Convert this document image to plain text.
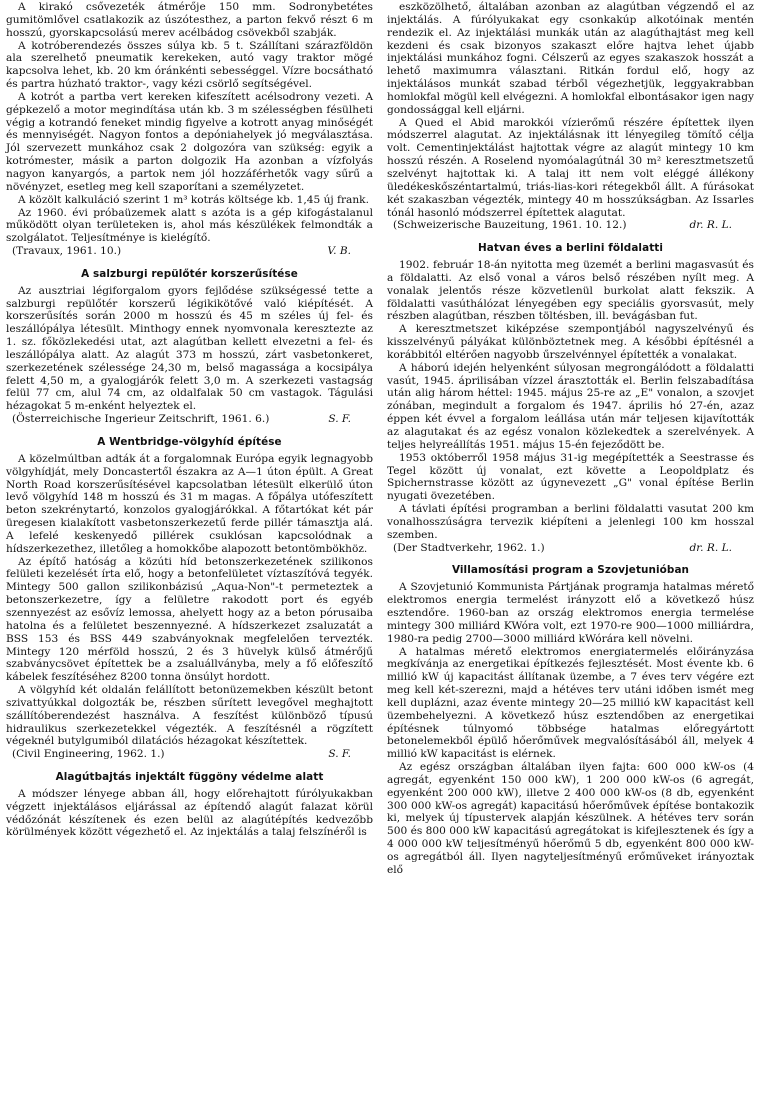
A kirakó csővezeték átmérője 150 mm. Sodronybetétes gumitömlővel csatlakozik az úszótesthez, a parton fekvő részt 6 m hosszú, gyorskapcsolású merev acélbádog csövekből szabják.

A kotróberendezés összes súlya kb. 5 t. Szállítani szárazföldön ala szerelhető pneumatik kerekeken, autó vagy traktor mögé kapcsolva lehet, kb. 20 km óránkénti sebességgel. Vízre bocsátható és partra húzható traktor-, vagy kézi csörlő segítségével.

A kotrót a partba vert kereken kifeszített acélsodrony vezeti. A gépkezelő a motor megindítása után kb. 3 m szélességben fésülheti végig a kotrandó feneket mindig figyelve a kotrott anyag minőségét és mennyiségét. Nagyon fontos a depóniahelyek jó megválasztása. Jól szervezett munkához csak 2 dolgozóra van szükség: egyik a kotrómester, másik a parton dolgozik Ha azonban a vízfolyás nagyon kanyargós, a partok nem jól hozzáférhetők vagy sűrű a növényzet, esetleg meg kell szaporítani a személyzetet.

A közölt kalkuláció szerint 1 m³ kotrás költsége kb. 1,45 új frank.

Az 1960. évi próbaüzemek alatt s azóta is a gép kifogástalanul működött olyan területeken is, ahol más készülékek felmondták a szolgálatot. Teljesítménye is kielégítő.

(Travaux, 1961. 10.)	V. B.
A salzburgi repülőtér korszerűsítése

Az ausztriai légiforgalom gyors fejlődése szükségessé tette a salzburgi repülőtér korszerű légikikötővé való kiépítését. A korszerűsítés során 2000 m hosszú és 45 m széles új fel- és leszállópálya létesült. Minthogy ennek nyomvonala keresztezte az 1. sz. főközlekedési utat, azt alagútban kellett elvezetni a fel- és leszállópálya alatt. Az alagút 373 m hosszú, zárt vasbetonkeret, szerkezetének szélessége 24,30 m, belső magassága a kocsipálya felett 4,50 m, a gyalogjárók felett 3,0 m. A szerkezeti vastagság felül 77 cm, alul 74 cm, az oldalfalak 50 cm vastagok. Tágulási hézagokat 5 m-enként helyeztek el.

(Österreichische Ingerieur Zeitschrift, 1961. 6.)	S. F.
A Wentbridge-völgyhíd építése

A közelmúltban adták át a forgalomnak Európa egyik legnagyobb völgyhídját, mely Doncastertől északra az A—1 úton épült. A Great North Road korszerűsítésével kapcsolatban létesült elkerülő úton levő völgyhíd 148 m hosszú és 31 m magas. A főpálya utófeszített beton szekrénytartó, konzolos gyalogjárókkal. A főtartókat két pár üregesen kialakított vasbetonszerkezetű ferde pillér támasztja alá. A lefelé keskenyedő pillérek csuklósan kapcsolódnak a hídszerkezethez, illetőleg a homokkőbe alapozott betontömbökhöz.

Az építő hatóság a közúti híd betonszerkezetének szilikonos felületi kezelését írta elő, hogy a betonfelületet víztaszítóvá tegyék. Mintegy 500 gallon szilikonbázisú „Aqua-Non"-t permeteztek a betonszerkezetre, így a felületre rakodott port és egyéb szennyezést az esővíz lemossa, ahelyett hogy az a beton pórusaiba hatolna és a felületet beszennyezné. A hídszerkezet zsaluzatát a BSS 153 és BSS 449 szabványoknak megfelelően tervezték. Mintegy 120 mérföld hosszú, 2 és 3 hüvelyk külső átmérőjű szabványcsövet építettek be a zsaluállványba, mely a fő előfeszítő kábelek feszítéséhez 8200 tonna önsúlyt hordott.

A völgyhíd két oldalán felállított betonüzemekben készült betont szivattyúkkal dolgozták be, részben sűrített levegővel meghajtott szállítóberendezést használva. A feszítést különböző típusú hidraulikus szerkezetekkel végezték. A feszítésnél a rögzített végeknél butylgumiból dilatációs hézagokat készítettek.

(Civil Engineering, 1962. 1.)	S. F.
Alagútbajtás injektált függöny védelme alatt

A módszer lényege abban áll, hogy előrehajtott fúrólyukakban végzett injektálásos eljárással az építendő alagút falazat körül védőzónát készítenek és ezen belül az alagútépítés kedvezőbb körülmények között végezhető el. Az injektálás a talaj felszínéről is

eszközölhető, általában azonban az alagútban végzendő el az injektálás. A fúrólyukakat egy csonkakúp alkotóinak mentén rendezik el. Az injektálási munkák után az alagúthajtást meg kell kezdeni és csak bizonyos szakaszt előre hajtva lehet újabb injektálási munkához fogni. Célszerű az egyes szakaszok hosszát a lehető maximumra választani. Ritkán fordul elő, hogy az injektálásos munkát szabad térből végezhetjük, leggyakrabban homlokfal mögül kell elvégezni. A homlokfal elbontásakor igen nagy gondossággal kell eljárni.

A Qued el Abid marokkói vízierőmű részére építettek ilyen módszerrel alagutat. Az injektálásnak itt lényegileg tömítő célja volt. Cementinjektálást hajtottak végre az alagút mintegy 10 km hosszú részén. A Roselend nyomóalagútnál 30 m² keresztmetszetű szelvényt hajtottak ki. A talaj itt nem volt eléggé állékony üledékeskőszéntartalmú, triás-lias-kori rétegekből állt. A fúrásokat két szakaszban végezték, mintegy 40 m hosszúkságban. Az Issarles tónál hasonló módszerrel építettek alagutat.

(Schweizerische Bauzeitung, 1961. 10. 12.)	dr. R. L.
Hatvan éves a berlini földalatti

1902. február 18-án nyitotta meg üzemét a berlini magasvasút és a földalatti. Az első vonal a város belső részében nyílt meg. A vonalak jelentős része közvetlenül burkolat alatt fekszik. A földalatti vasúthálózat lényegében egy speciális gyorsvasút, mely részben alagútban, részben töltésben, ill. bevágásban fut.

A keresztmetszet kiképzése szempontjából nagyszelvényű és kisszelvényű pályákat különböztetnek meg. A későbbi építésnél a korábbitól eltérően nagyobb űrszelvénnyel építették a vonalakat.

A háború idején helyenként súlyosan megrongálódott a földalatti vasút, 1945. áprilisában vízzel árasztották el. Berlin felszabadítása után alig három héttel: 1945. május 25-re az „E" vonalon, a szovjet zónában, megindult a forgalom és 1947. április hó 27-én, azaz éppen két évvel a forgalom leállása után már teljesen kijavították az alagutakat és az egész vonalon közlekedtek a szerelvények. A teljes helyreállítás 1951. május 15-én fejeződött be.

1953 októberről 1958 május 31-ig megépítették a Seestrasse és Tegel között új vonalat, ezt követte a Leopoldplatz és Spichernstrasse között az úgynevezett „G" vonal építése Berlin nyugati övezetében.

A távlati építési programban a berlini földalatti vasutat 200 km vonalhosszúságra tervezik kiépíteni a jelenlegi 100 km hosszal szemben.

(Der Stadtverkehr, 1962. 1.)	dr. R. L.
Villamosítási program a Szovjetunióban

A Szovjetunió Kommunista Pártjának programja hatalmas mérető elektromos energia termelést irányzott elő a következő húsz esztendőre. 1960-ban az ország elektromos energia termelése mintegy 300 milliárd KWóra volt, ezt 1970-re 900—1000 milliárdra, 1980-ra pedig 2700—3000 milliárd kWórára kell növelni.

A hatalmas mérető elektromos energiatermelés előirányzása megkívánja az energetikai építkezés fejlesztését. Most évente kb. 6 millió kW új kapacitást állítanak üzembe, a 7 éves terv végére ezt meg kell két-szerezni, majd a hétéves terv utáni időben ismét meg kell duplázni, azaz évente mintegy 20—25 millió kW kapacitást kell üzembehelyezni. A következő húsz esztendőben az energetikai építésnek túlnyomó többsége hatalmas előregyártott betonelemekből épülő hőerőművek megvalósításából áll, melyek 4 millió kW kapacitást is elérnek.

Az egész országban általában ilyen fajta: 600 000 kW-os (4 agregát, egyenként 150 000 kW), 1 200 000 kW-os (6 agregát, egyenként 200 000 kW), illetve 2 400 000 kW-os (8 db, egyenként 300 000 kW-os agregát) kapacitású hőerőművek építése bontakozik ki, melyek új típustervek alapján készülnek. A hétéves terv során 500 és 800 000 kW kapacitású agregátokat is kifejlesztenek és így a 4 000 000 kW teljesítményű hőerőmű 5 db, egyenként 800 000 kW-os agregátból áll. Ilyen nagyteljesítményű erőműveket irányoztak elő
